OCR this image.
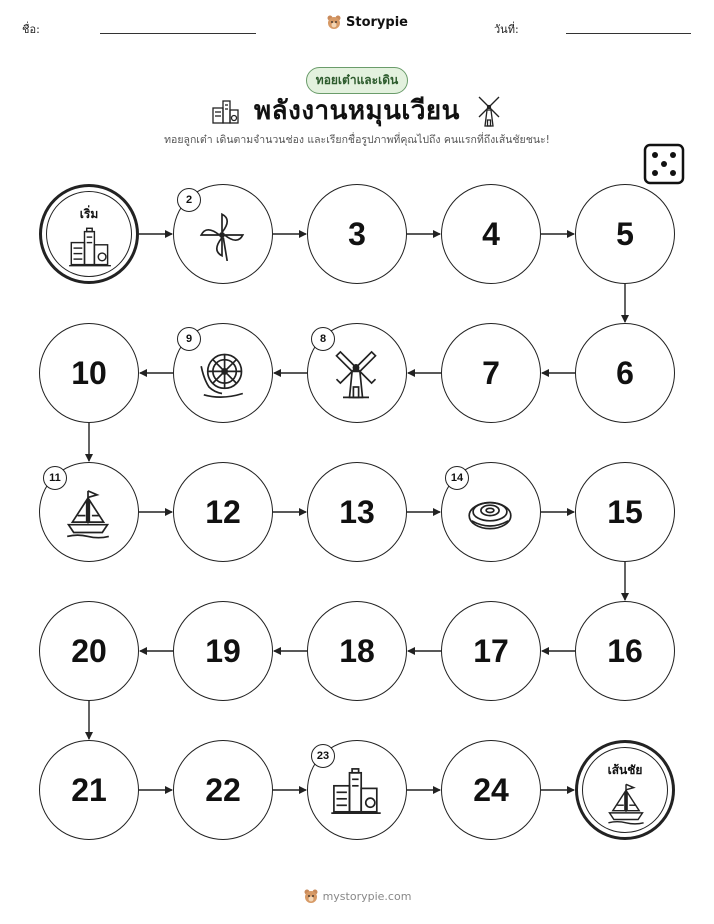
ชื่อ:	Storypie	วันที่:
ทอยเต๋าและเดิน
พลังงานหมุนเวียน
ทอยลูกเต๋า เดินตามจำนวนช่อง และเรียกชื่อรูปภาพที่คุณไปถึง คนแรกที่ถึงเส้นชัยชนะ!
เริ่ม
2
3	4	5
6
7
8
9
10
11
12	13
14
15
16
17
18
19
20
21	22
23
24
เส้นชัย
mystorypie.com
